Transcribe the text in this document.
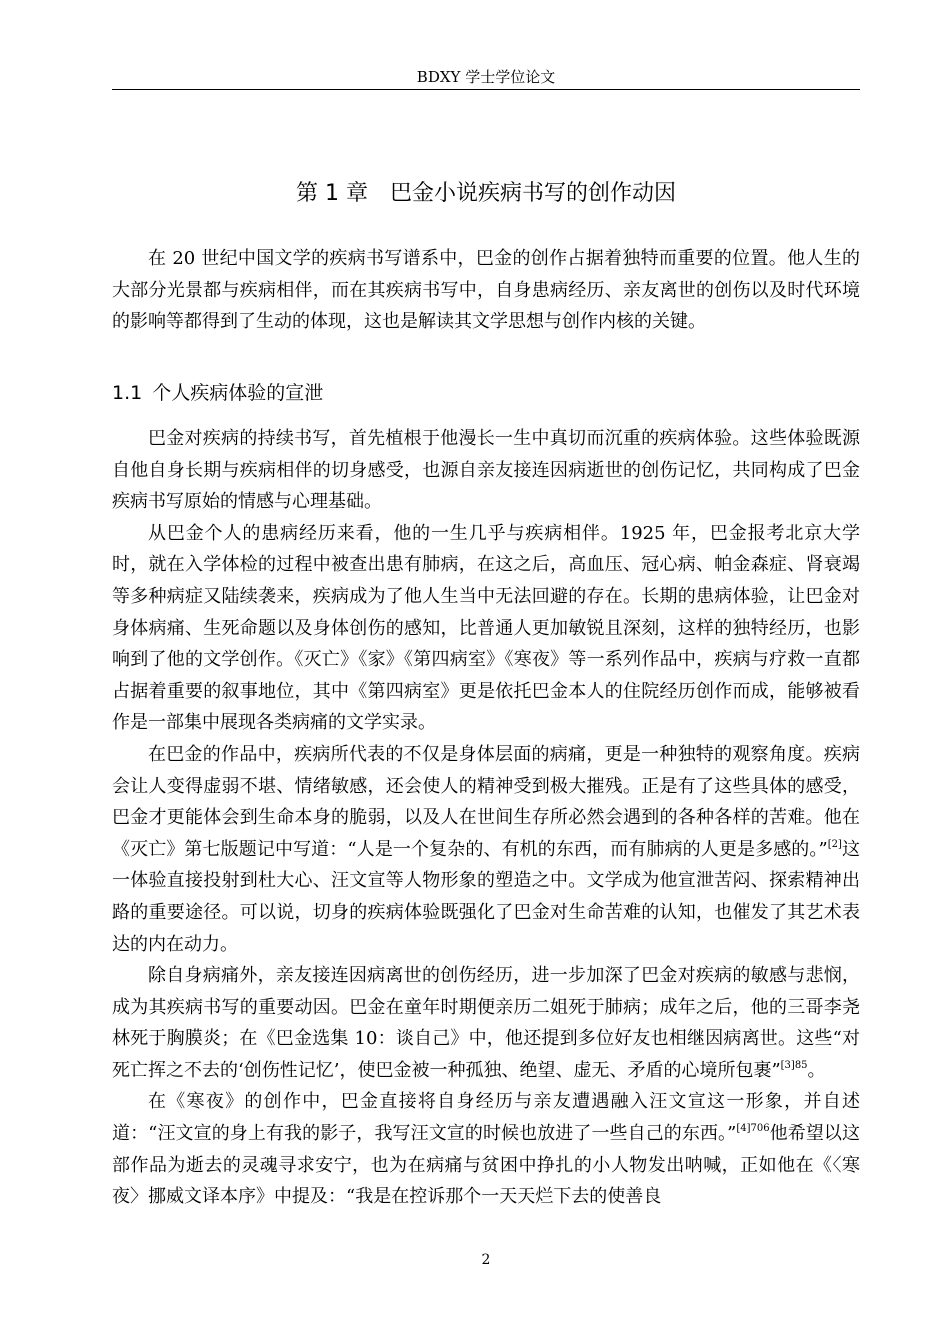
BDXY 学士学位论文
第 1 章 巴金小说疾病书写的创作动因

在 20 世纪中国文学的疾病书写谱系中，巴金的创作占据着独特而重要的位置。他人生的大部分光景都与疾病相伴，而在其疾病书写中，自身患病经历、亲友离世的创伤以及时代环境的影响等都得到了生动的体现，这也是解读其文学思想与创作内核的关键。

1.1 个人疾病体验的宣泄

巴金对疾病的持续书写，首先植根于他漫长一生中真切而沉重的疾病体验。这些体验既源自他自身长期与疾病相伴的切身感受，也源自亲友接连因病逝世的创伤记忆，共同构成了巴金疾病书写原始的情感与心理基础。

从巴金个人的患病经历来看，他的一生几乎与疾病相伴。1925 年，巴金报考北京大学时，就在入学体检的过程中被查出患有肺病，在这之后，高血压、冠心病、帕金森症、肾衰竭等多种病症又陆续袭来，疾病成为了他人生当中无法回避的存在。长期的患病体验，让巴金对身体病痛、生死命题以及身体创伤的感知，比普通人更加敏锐且深刻，这样的独特经历，也影响到了他的文学创作。《灭亡》《家》《第四病室》《寒夜》等一系列作品中，疾病与疗救一直都占据着重要的叙事地位，其中《第四病室》更是依托巴金本人的住院经历创作而成，能够被看作是一部集中展现各类病痛的文学实录。

在巴金的作品中，疾病所代表的不仅是身体层面的病痛，更是一种独特的观察角度。疾病会让人变得虚弱不堪、情绪敏感，还会使人的精神受到极大摧残。正是有了这些具体的感受，巴金才更能体会到生命本身的脆弱，以及人在世间生存所必然会遇到的各种各样的苦难。他在《灭亡》第七版题记中写道：“人是一个复杂的、有机的东西，而有肺病的人更是多感的。”[2]这一体验直接投射到杜大心、汪文宣等人物形象的塑造之中。文学成为他宣泄苦闷、探索精神出路的重要途径。可以说，切身的疾病体验既强化了巴金对生命苦难的认知，也催发了其艺术表达的内在动力。

除自身病痛外，亲友接连因病离世的创伤经历，进一步加深了巴金对疾病的敏感与悲悯，成为其疾病书写的重要动因。巴金在童年时期便亲历二姐死于肺病；成年之后，他的三哥李尧林死于胸膜炎；在《巴金选集 10：谈自己》中，他还提到多位好友也相继因病离世。这些“对死亡挥之不去的‘创伤性记忆’，使巴金被一种孤独、绝望、虚无、矛盾的心境所包裹”$^{[3]85}$。

在《寒夜》的创作中，巴金直接将自身经历与亲友遭遇融入汪文宣这一形象，并自述道：“汪文宣的身上有我的影子，我写汪文宣的时候也放进了一些自己的东西。”$^{[4]706}$他希望以这部作品为逝去的灵魂寻求安宁，也为在病痛与贫困中挣扎的小人物发出呐喊，正如他在《〈寒夜〉挪威文译本序》中提及：“我是在控诉那个一天天烂下去的使善良

2
